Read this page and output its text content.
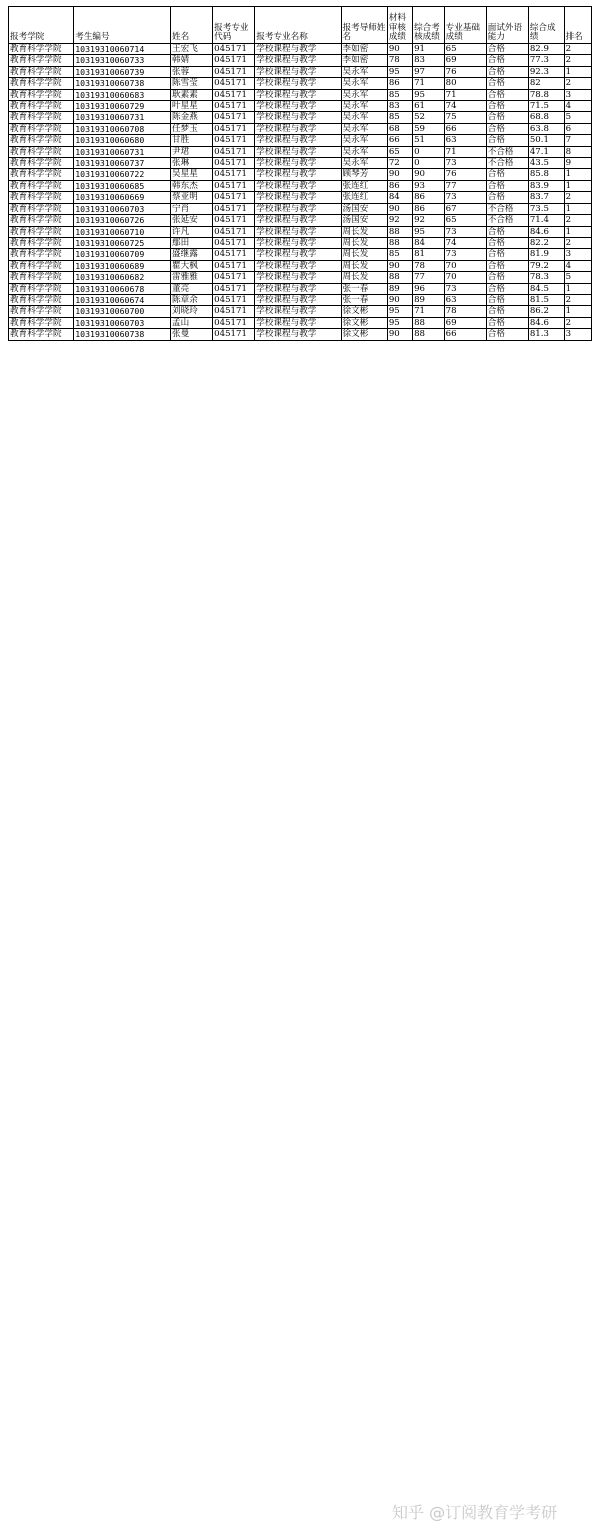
报考学院	考生编号	姓名	报考专业代码	报考专业名称	报考导师姓名	材料审核成绩	综合考核成绩	专业基础成绩	面试外语能力	综合成绩	排名
教育科学学院	10319310060714	王宏飞	045171	学校课程与教学	李如密	90	91	65	合格	82.9	2
教育科学学院	10319310060733	韩婧	045171	学校课程与教学	李如密	78	83	69	合格	77.3	2
教育科学学院	10319310060739	张蓉	045171	学校课程与教学	吴永军	95	97	76	合格	92.3	1
教育科学学院	10319310060738	陈雪莹	045171	学校课程与教学	吴永军	86	71	80	合格	82	2
教育科学学院	10319310060683	耿素素	045171	学校课程与教学	吴永军	85	95	71	合格	78.8	3
教育科学学院	10319310060729	叶星星	045171	学校课程与教学	吴永军	83	61	74	合格	71.5	4
教育科学学院	10319310060731	陈金燕	045171	学校课程与教学	吴永军	85	52	75	合格	68.8	5
教育科学学院	10319310060708	任梦玉	045171	学校课程与教学	吴永军	68	59	66	合格	63.8	6
教育科学学院	10319310060680	甘胜	045171	学校课程与教学	吴永军	66	51	63	合格	50.1	7
教育科学学院	10319310060731	尹珺	045171	学校课程与教学	吴永军	65	0	71	不合格	47.1	8
教育科学学院	10319310060737	张琳	045171	学校课程与教学	吴永军	72	0	73	不合格	43.5	9
教育科学学院	10319310060722	吴星星	045171	学校课程与教学	顾琴芳	90	90	76	合格	85.8	1
教育科学学院	10319310060685	韩东杰	045171	学校课程与教学	张连红	86	93	77	合格	83.9	1
教育科学学院	10319310060669	蔡亚明	045171	学校课程与教学	张连红	84	86	73	合格	83.7	2
教育科学学院	10319310060703	宁肖	045171	学校课程与教学	汤国安	90	86	67	不合格	73.5	1
教育科学学院	10319310060726	张延安	045171	学校课程与教学	汤国安	92	92	65	不合格	71.4	2
教育科学学院	10319310060710	许凡	045171	学校课程与教学	周长发	88	95	73	合格	84.6	1
教育科学学院	10319310060725	鄢田	045171	学校课程与教学	周长发	88	84	74	合格	82.2	2
教育科学学院	10319310060709	盛继露	045171	学校课程与教学	周长发	85	81	73	合格	81.9	3
教育科学学院	10319310060689	瞿大枫	045171	学校课程与教学	周长发	90	78	70	合格	79.2	4
教育科学学院	10319310060682	雷雅雅	045171	学校课程与教学	周长发	88	77	70	合格	78.3	5
教育科学学院	10319310060678	董亮	045171	学校课程与教学	张一春	89	96	73	合格	84.5	1
教育科学学院	10319310060674	陈章余	045171	学校课程与教学	张一春	90	89	63	合格	81.5	2
教育科学学院	10319310060700	刘晓玲	045171	学校课程与教学	徐文彬	95	71	78	合格	86.2	1
教育科学学院	10319310060703	孟山	045171	学校课程与教学	徐文彬	95	88	69	合格	84.6	2
教育科学学院	10319310060738	张曼	045171	学校课程与教学	徐文彬	90	88	66	合格	81.3	3
知乎 @订阅教育学考研
